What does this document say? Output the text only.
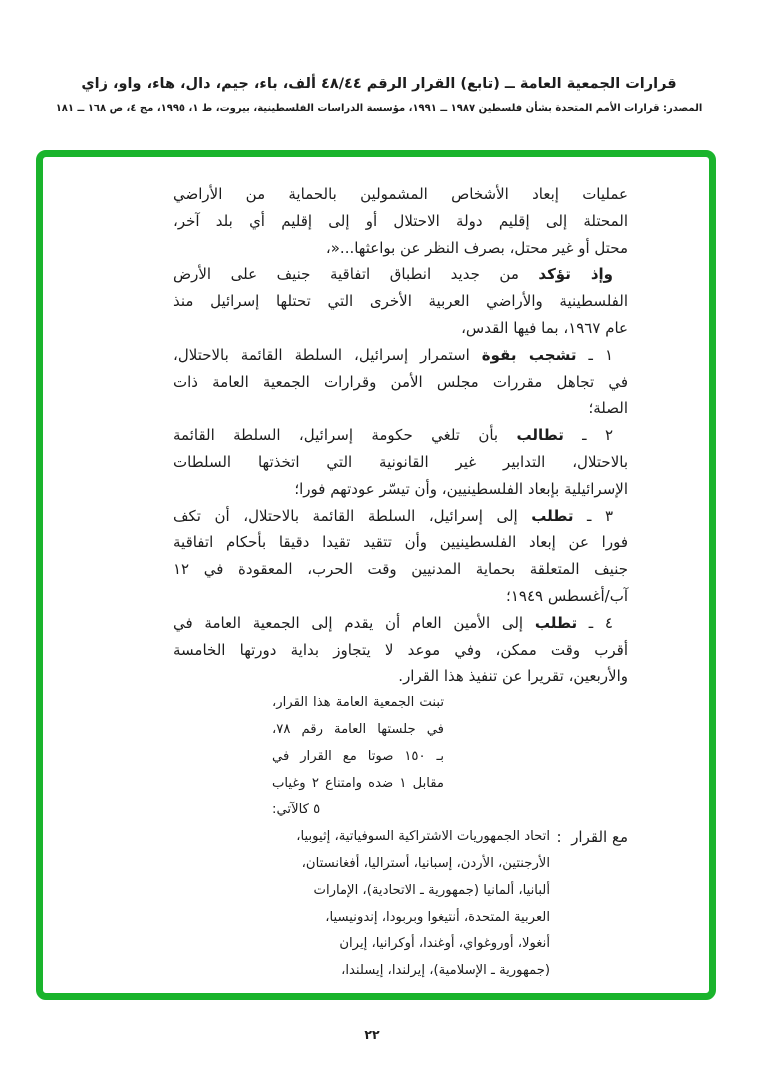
قرارات الجمعية العامة ــ (تابع) القرار الرقم ٤٨/٤٤ ألف، باء، جيم، دال، هاء، واو، زاي
المصدر: قرارات الأمم المتحدة بشأن فلسطين ١٩٨٧ ــ ١٩٩١، مؤسسة الدراسات الفلسطينية، بيروت، ط ١، ١٩٩٥، مج ٤، ص ١٦٨ ــ ١٨١
عمليات إبعاد الأشخاص المشمولين بالحماية من الأراضي
المحتلة إلى إقليم دولة الاحتلال أو إلى إقليم أي بلد آخر،
محتل أو غير محتل، بصرف النظر عن بواعثها...«،
وإذ تؤكد من جديد انطباق اتفاقية جنيف على الأرض
الفلسطينية والأراضي العربية الأخرى التي تحتلها إسرائيل منذ
عام ١٩٦٧، بما فيها القدس،
١ ـ تشجب بقوة استمرار إسرائيل، السلطة القائمة بالاحتلال،
في تجاهل مقررات مجلس الأمن وقرارات الجمعية العامة ذات
الصلة؛
٢ ـ تطالب بأن تلغي حكومة إسرائيل، السلطة القائمة
بالاحتلال، التدابير غير القانونية التي اتخذتها السلطات
الإسرائيلية بإبعاد الفلسطينيين، وأن تيسّر عودتهم فورا؛
٣ ـ تطلب إلى إسرائيل، السلطة القائمة بالاحتلال، أن تكف
فورا عن إبعاد الفلسطينيين وأن تتقيد تقيدا دقيقا بأحكام اتفاقية
جنيف المتعلقة بحماية المدنيين وقت الحرب، المعقودة في ١٢
آب/أغسطس ١٩٤٩؛
٤ ـ تطلب إلى الأمين العام أن يقدم إلى الجمعية العامة في
أقرب وقت ممكن، وفي موعد لا يتجاوز بداية دورتها الخامسة
والأربعين، تقريرا عن تنفيذ هذا القرار.
تبنت الجمعية العامة هذا القرار،
في جلستها العامة رقم ٧٨،
بـ ١٥٠ صوتا مع القرار في
مقابل ١ ضده وامتناع ٢ وغياب
٥ كالآتي:
مع القرار
:
اتحاد الجمهوريات الاشتراكية السوفياتية، إثيوبيا،
الأرجنتين، الأردن، إسبانيا، أستراليا، أفغانستان،
ألبانيا، ألمانيا (جمهورية ـ الاتحادية)، الإمارات
العربية المتحدة، أنتيغوا وبربودا، إندونيسيا،
أنغولا، أوروغواي، أوغندا، أوكرانيا، إيران
(جمهورية ـ الإسلامية)، إيرلندا، إيسلندا،
٢٢
